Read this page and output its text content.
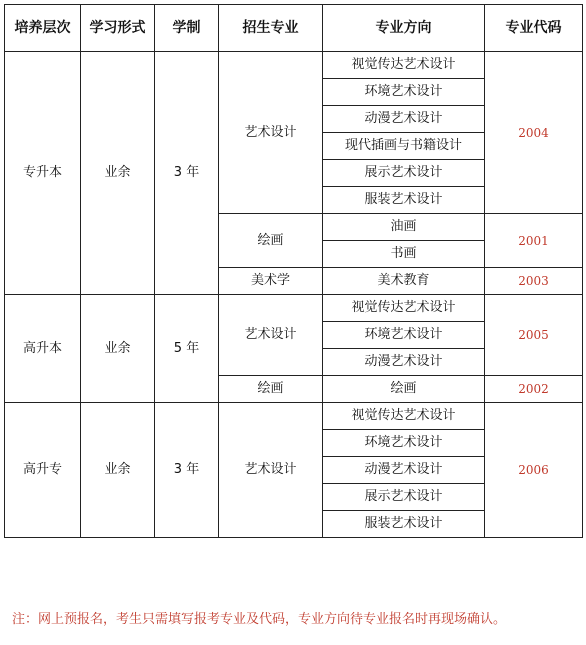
培养层次	学习形式	学制	招生专业	专业方向	专业代码
专升本	业余	3 年	艺术设计	视觉传达艺术设计	2004
				环境艺术设计	
				动漫艺术设计	
				现代插画与书籍设计	
				展示艺术设计	
				服装艺术设计	
			绘画	油画	2001
				书画	
			美术学	美术教育	2003
高升本	业余	5 年	艺术设计	视觉传达艺术设计	2005
				环境艺术设计	
				动漫艺术设计	
			绘画	绘画	2002
高升专	业余	3 年	艺术设计	视觉传达艺术设计	2006
				环境艺术设计	
				动漫艺术设计	
				展示艺术设计	
				服装艺术设计	
注：网上预报名，考生只需填写报考专业及代码，专业方向待专业报名时再现场确认。
